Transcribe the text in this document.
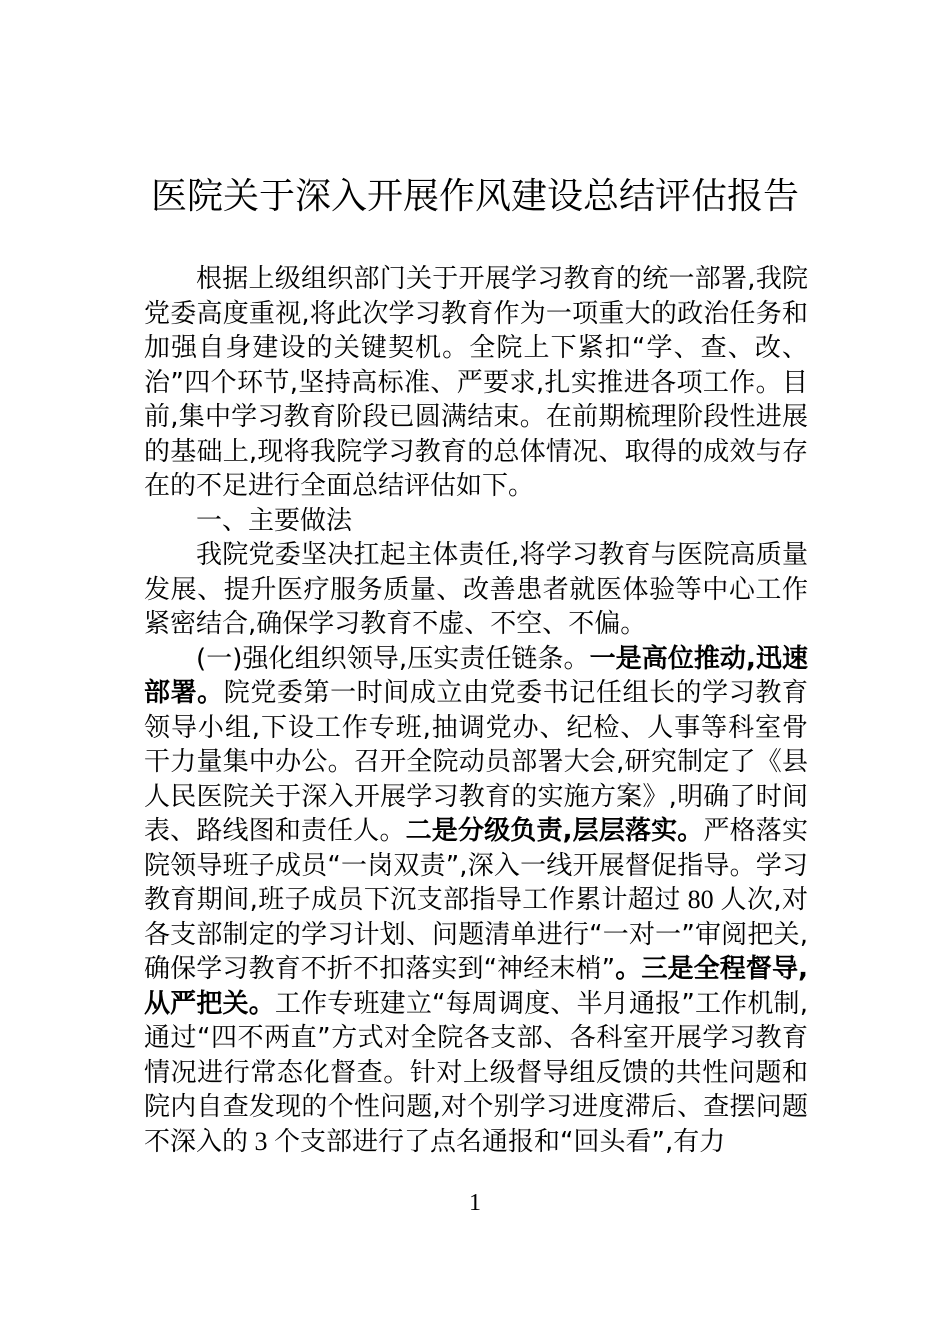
医院关于深入开展作风建设总结评估报告

根据上级组织部门关于开展学习教育的统一部署,我院党委高度重视,将此次学习教育作为一项重大的政治任务和加强自身建设的关键契机。全院上下紧扣“学、查、改、治”四个环节,坚持高标准、严要求,扎实推进各项工作。目前,集中学习教育阶段已圆满结束。在前期梳理阶段性进展的基础上,现将我院学习教育的总体情况、取得的成效与存在的不足进行全面总结评估如下。

一、主要做法

我院党委坚决扛起主体责任,将学习教育与医院高质量发展、提升医疗服务质量、改善患者就医体验等中心工作紧密结合,确保学习教育不虚、不空、不偏。

(一)强化组织领导,压实责任链条。一是高位推动,迅速部署。院党委第一时间成立由党委书记任组长的学习教育领导小组,下设工作专班,抽调党办、纪检、人事等科室骨干力量集中办公。召开全院动员部署大会,研究制定了《县人民医院关于深入开展学习教育的实施方案》,明确了时间表、路线图和责任人。二是分级负责,层层落实。严格落实院领导班子成员“一岗双责”,深入一线开展督促指导。学习教育期间,班子成员下沉支部指导工作累计超过 80 人次,对各支部制定的学习计划、问题清单进行“一对一”审阅把关,确保学习教育不折不扣落实到“神经末梢”。三是全程督导,从严把关。工作专班建立“每周调度、半月通报”工作机制,通过“四不两直”方式对全院各支部、各科室开展学习教育情况进行常态化督查。针对上级督导组反馈的共性问题和院内自查发现的个性问题,对个别学习进度滞后、查摆问题不深入的 3 个支部进行了点名通报和“回头看”,有力

1
